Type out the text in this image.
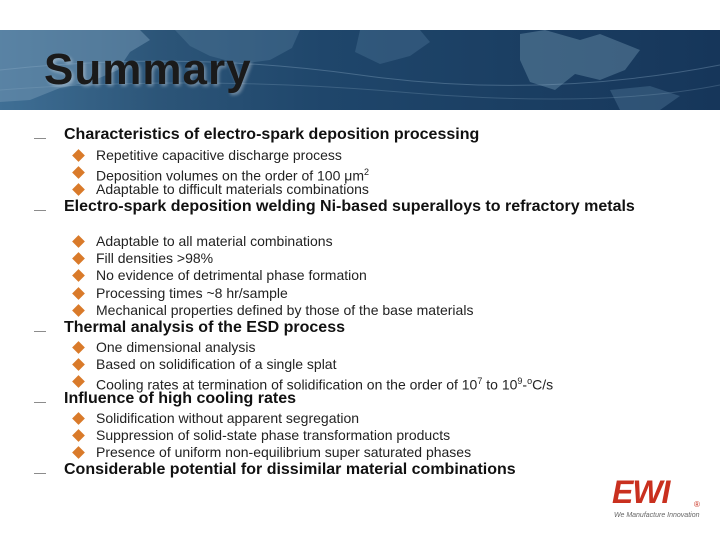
Summary
Characteristics of electro-spark deposition processing
Repetitive capacitive discharge process
Deposition volumes on the order of 100 $\mu m^2$
Adaptable to difficult materials combinations
Electro-spark deposition welding Ni-based superalloys to refractory metals
Adaptable to all material combinations
Fill densities >98%
No evidence of detrimental phase formation
Processing times ~8 hr/sample
Mechanical properties defined by those of the base materials
Thermal analysis of the ESD process
One dimensional analysis
Based on solidification of a single splat
Cooling rates at termination of solidification on the order of $10^7$ to $10^9-^oC/s$
Influence of high cooling rates
Solidification without apparent segregation
Suppression of solid-state phase transformation products
Presence of uniform non-equilibrium super saturated phases
Considerable potential for dissimilar material combinations
EWI	®
We Manufacture Innovation
